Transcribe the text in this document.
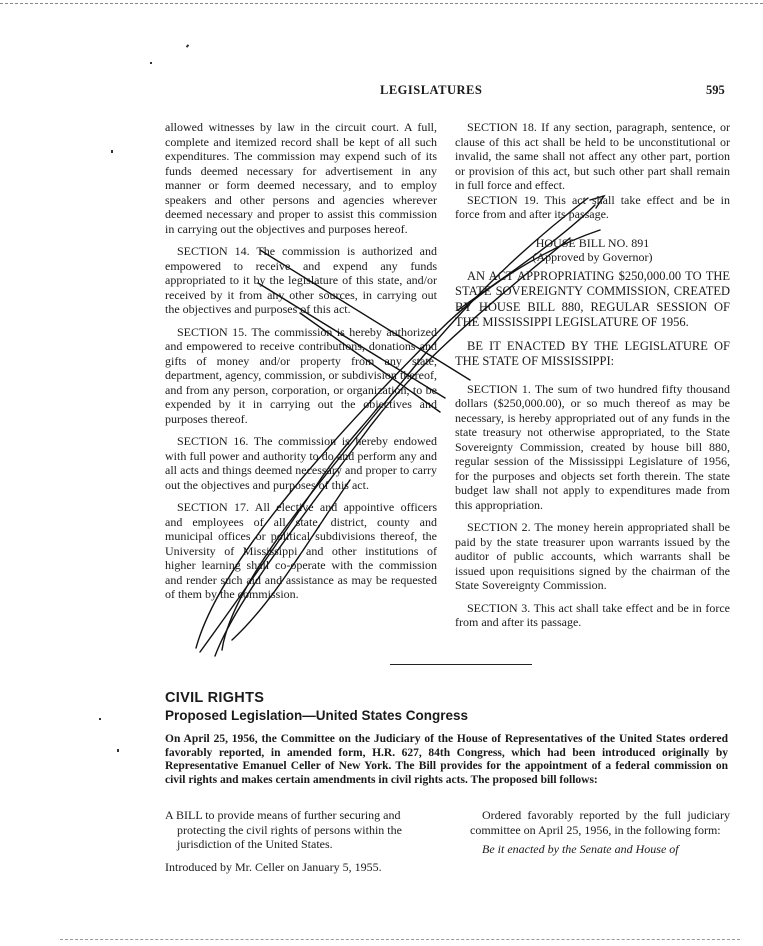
LEGISLATURES	595

allowed witnesses by law in the circuit court. A full, complete and itemized record shall be kept of all such expenditures. The commission may expend such of its funds deemed necessary for advertisement in any manner or form deemed necessary, and to employ speakers and other persons and agencies wherever deemed necessary and proper to assist this commission in carrying out the objectives and purposes hereof.

SECTION 14. The commission is authorized and empowered to receive and expend any funds appropriated to it by the legislature of this state, and/or received by it from any other sources, in carrying out the objectives and purposes of this act.

SECTION 15. The commission is hereby authorized and empowered to receive contributions, donations and gifts of money and/or property from any state, department, agency, commission, or subdivision thereof, and from any person, corporation, or organization, to be expended by it in carrying out the objectives and purposes thereof.

SECTION 16. The commission is hereby endowed with full power and authority to do and perform any and all acts and things deemed necessary and proper to carry out the objectives and purposes of this act.

SECTION 17. All elective and appointive officers and employees of all state, district, county and municipal offices or political subdivisions thereof, the University of Mississippi and other institutions of higher learning shall co-operate with the commission and render such aid and assistance as may be requested of them by the commission.

SECTION 18. If any section, paragraph, sentence, or clause of this act shall be held to be unconstitutional or invalid, the same shall not affect any other part, portion or provision of this act, but such other part shall remain in full force and effect.

SECTION 19. This act shall take effect and be in force from and after its passage.

HOUSE BILL NO. 891

(Approved by Governor)

AN ACT APPROPRIATING $250,000.00 TO THE STATE SOVEREIGNTY COMMISSION, CREATED BY HOUSE BILL 880, REGULAR SESSION OF THE MISSISSIPPI LEGISLATURE OF 1956.

BE IT ENACTED BY THE LEGISLATURE OF THE STATE OF MISSISSIPPI:

SECTION 1. The sum of two hundred fifty thousand dollars ($250,000.00), or so much thereof as may be necessary, is hereby appropriated out of any funds in the state treasury not otherwise appropriated, to the State Sovereignty Commission, created by house bill 880, regular session of the Mississippi Legislature of 1956, for the purposes and objects set forth therein. The state budget law shall not apply to expenditures made from this appropriation.

SECTION 2. The money herein appropriated shall be paid by the state treasurer upon warrants issued by the auditor of public accounts, which warrants shall be issued upon requisitions signed by the chairman of the State Sovereignty Commission.

SECTION 3. This act shall take effect and be in force from and after its passage.

CIVIL RIGHTS
Proposed Legislation—United States Congress
On April 25, 1956, the Committee on the Judiciary of the House of Representatives of the United States ordered favorably reported, in amended form, H.R. 627, 84th Congress, which had been introduced originally by Representative Emanuel Celler of New York. The Bill provides for the appointment of a federal commission on civil rights and makes certain amendments in civil rights acts. The proposed bill follows:

A BILL to provide means of further securing and protecting the civil rights of persons within the jurisdiction of the United States.

Introduced by Mr. Celler on January 5, 1955.

Ordered favorably reported by the full judiciary committee on April 25, 1956, in the following form:

Be it enacted by the Senate and House of
